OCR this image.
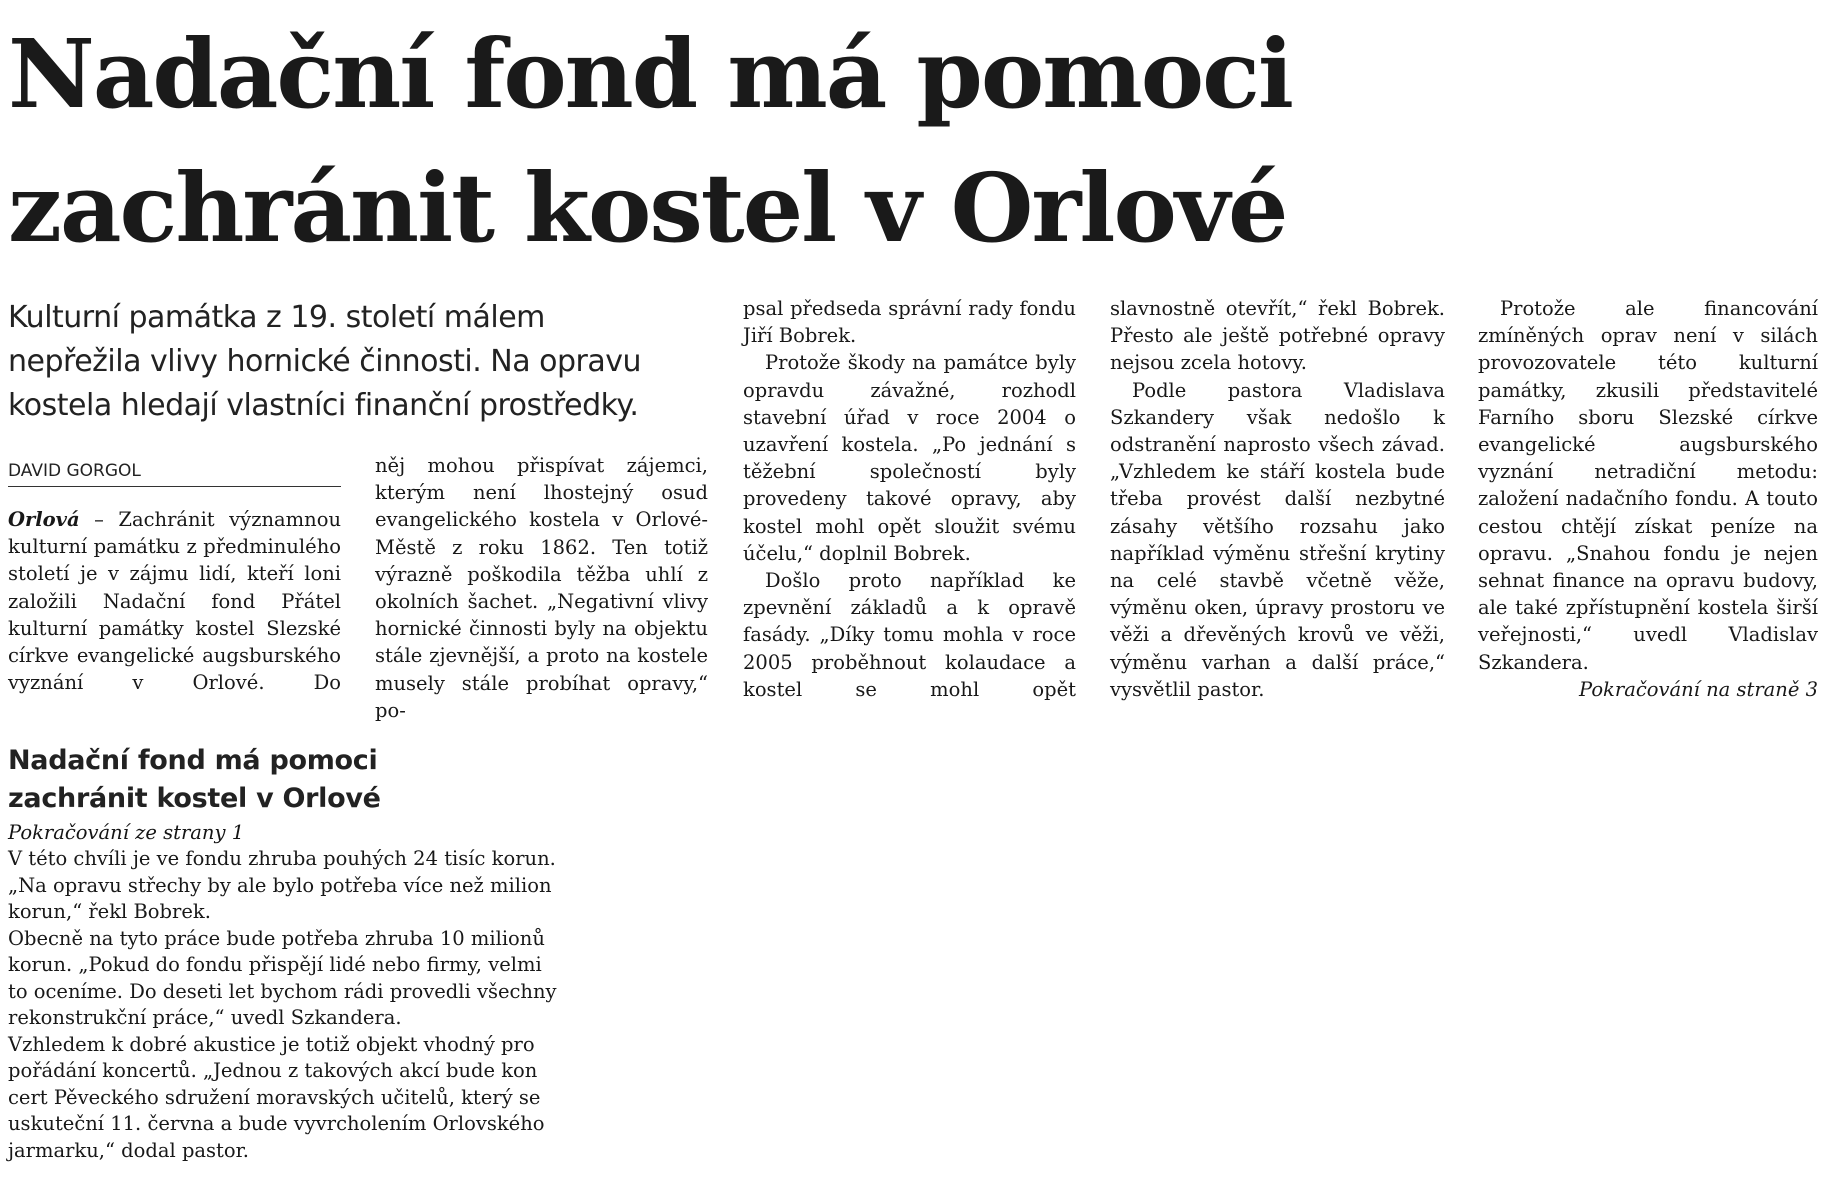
Nadační fond má pomoci
zachránit kostel v Orlové
Kulturní památka z 19. století málem
nepřežila vlivy hornické činnosti. Na opravu
kostela hledají vlastníci finanční prostředky.
DAVID GORGOL

Orlová – Zachránit významnou kulturní památku z předminulého století je v zájmu lidí, kteří loni založili Nadační fond Přátel kulturní památky kostel Slezské církve evangelické augsburského vyznání v Orlové. Do

něj mohou přispívat zájemci, kterým není lhostejný osud evangelického kostela v Orlové-Městě z roku 1862. Ten totiž výrazně poškodila těžba uhlí z okolních šachet. „Negativní vlivy hornické činnosti byly na objektu stále zjevnější, a proto na kostele musely stále probíhat opravy,“ po-

psal předseda správní rady fondu Jiří Bobrek.

Protože škody na památce byly opravdu závažné, rozhodl stavební úřad v roce 2004 o uzavření kostela. „Po jednání s těžební společností byly provedeny takové opravy, aby kostel mohl opět sloužit svému účelu,“ doplnil Bobrek.

Došlo proto například ke zpevnění základů a k opravě fasády. „Díky tomu mohla v roce 2005 proběhnout kolaudace a kostel se mohl opět

slavnostně otevřít,“ řekl Bobrek. Přesto ale ještě potřebné opravy nejsou zcela hotovy.

Podle pastora Vladislava Szkandery však nedošlo k odstranění naprosto všech závad. „Vzhledem ke stáří kostela bude třeba provést další nezbytné zásahy většího rozsahu jako například výměnu střešní krytiny na celé stavbě včetně věže, výměnu oken, úpravy prostoru ve věži a dřevěných krovů ve věži, výměnu varhan a další práce,“ vysvětlil pastor.

Protože ale financování zmíněných oprav není v silách provozovatele této kulturní památky, zkusili představitelé Farního sboru Slezské církve evangelické augsburského vyznání netradiční metodu: založení nadačního fondu. A touto cestou chtějí získat peníze na opravu. „Snahou fondu je nejen sehnat finance na opravu budovy, ale také zpřístupnění kostela širší veřejnosti,“ uvedl Vladislav Szkandera.

Pokračování na straně 3

Nadační fond má pomoci
zachránit kostel v Orlové
Pokračování ze strany 1

V této chvíli je ve fondu zhruba pouhých 24 tisíc korun.
„Na opravu střechy by ale bylo potřeba více než milion
korun,“ řekl Bobrek.

Obecně na tyto práce bude potřeba zhruba 10 milionů
korun. „Pokud do fondu přispějí lidé nebo firmy, velmi
to oceníme. Do deseti let bychom rádi provedli všechny
rekonstrukční práce,“ uvedl Szkandera.

Vzhledem k dobré akustice je totiž objekt vhodný pro
pořádání koncertů. „Jednou z takových akcí bude kon
cert Pěveckého sdružení moravských učitelů, který se
uskuteční 11. června a bude vyvrcholením Orlovského
jarmarku,“ dodal pastor.
